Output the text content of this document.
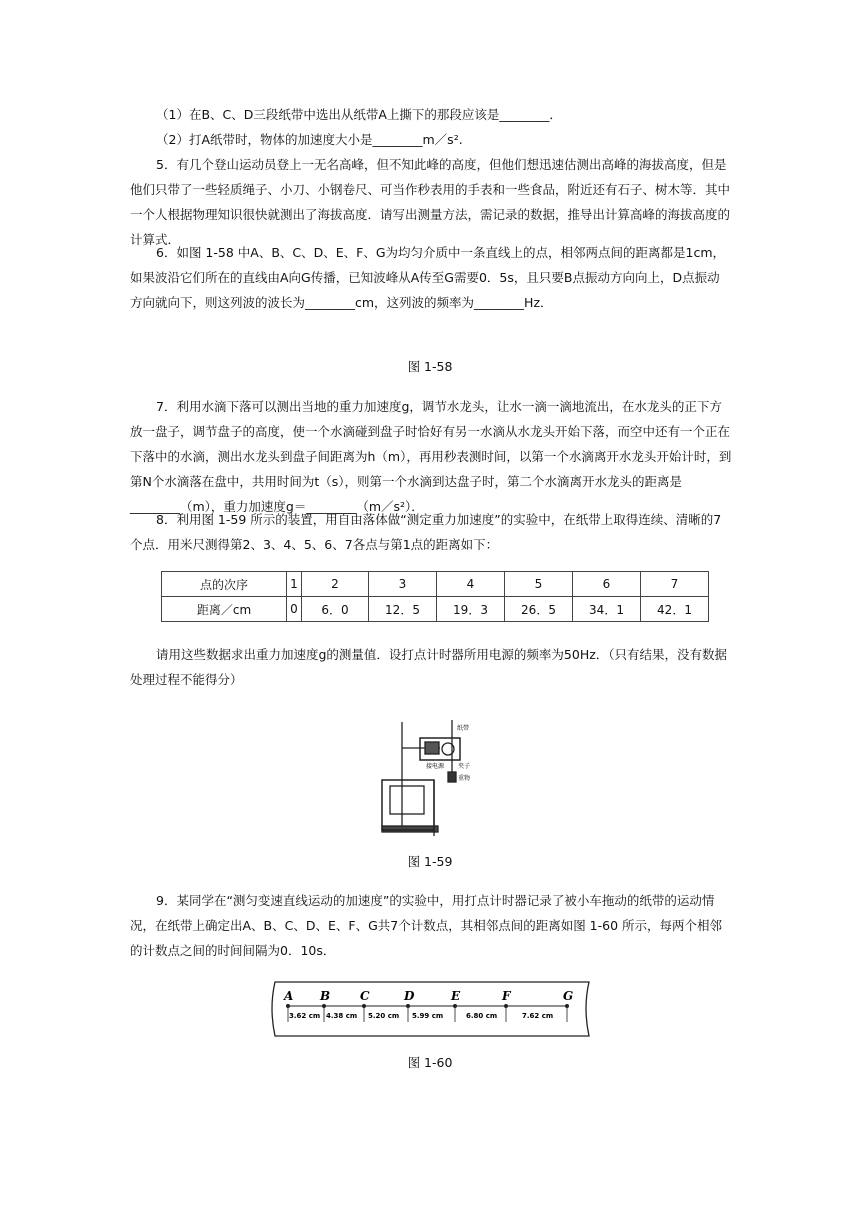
（1）在B、C、D三段纸带中选出从纸带A上撕下的那段应该是________．
（2）打A纸带时，物体的加速度大小是________m／s².
5．有几个登山运动员登上一无名高峰，但不知此峰的高度，但他们想迅速估测出高峰的海拔高度，但是他们只带了一些轻质绳子、小刀、小钢卷尺、可当作秒表用的手表和一些食品，附近还有石子、树木等．其中一个人根据物理知识很快就测出了海拔高度．请写出测量方法，需记录的数据，推导出计算高峰的海拔高度的计算式．
6．如图 1-58 中A、B、C、D、E、F、G为均匀介质中一条直线上的点，相邻两点间的距离都是1cm，如果波沿它们所在的直线由A向G传播，已知波峰从A传至G需要0．5s，且只要B点振动方向向上，D点振动方向就向下，则这列波的波长为________cm，这列波的频率为________Hz．
图 1-58
7．利用水滴下落可以测出当地的重力加速度g，调节水龙头，让水一滴一滴地流出，在水龙头的正下方放一盘子，调节盘子的高度，使一个水滴碰到盘子时恰好有另一水滴从水龙头开始下落，而空中还有一个正在下落中的水滴，测出水龙头到盘子间距离为h（m），再用秒表测时间，以第一个水滴离开水龙头开始计时，到第N个水滴落在盘中，共用时间为t（s），则第一个水滴到达盘子时，第二个水滴离开水龙头的距离是________（m），重力加速度g＝________（m／s²）．
8．利用图 1-59 所示的装置，用自由落体做“测定重力加速度”的实验中，在纸带上取得连续、清晰的7个点．用米尺测得第2、3、4、5、6、7各点与第1点的距离如下：
点的次序	1	2	3	4	5	6	7
距离／cm	0	6．0	12．5	19．3	26．5	34．1	42．1
请用这些数据求出重力加速度g的测量值．设打点计时器所用电源的频率为50Hz．（只有结果，没有数据处理过程不能得分）
纸带
接电源 夹子
重物
图 1-59
9．某同学在“测匀变速直线运动的加速度”的实验中，用打点计时器记录了被小车拖动的纸带的运动情况，在纸带上确定出A、B、C、D、E、F、G共7个计数点，其相邻点间的距离如图 1-60 所示，每两个相邻的计数点之间的时间间隔为0．10s．
A B C	D	E	F	G
3.62 cm 4.38 cm 5.20 cm 5.99 cm	6.80 cm	7.62 cm
图 1-60
